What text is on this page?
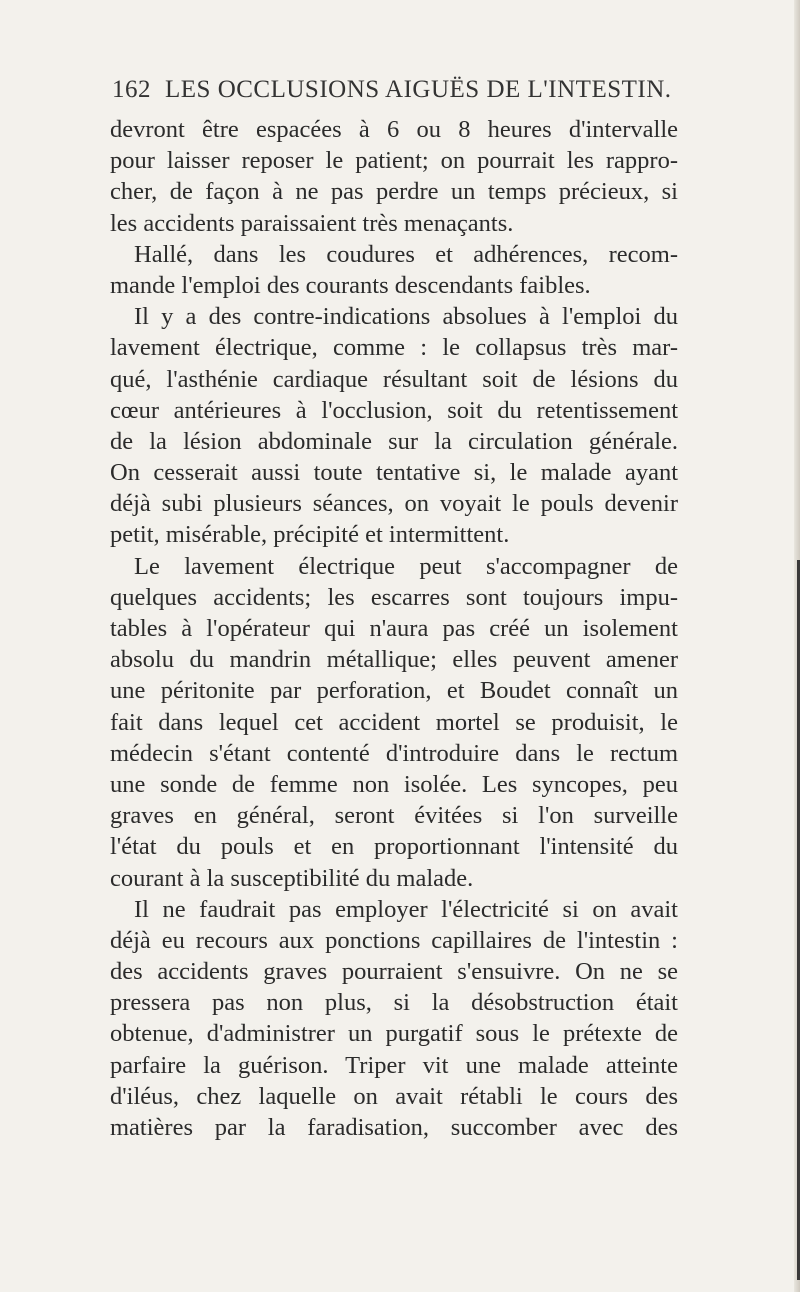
162 LES OCCLUSIONS AIGUËS DE L'INTESTIN.
devront être espacées à 6 ou 8 heures d'intervalle
pour laisser reposer le patient; on pourrait les rappro-
cher, de façon à ne pas perdre un temps précieux, si
les accidents paraissaient très menaçants.
Hallé, dans les coudures et adhérences, recom-
mande l'emploi des courants descendants faibles.
Il y a des contre-indications absolues à l'emploi du
lavement électrique, comme : le collapsus très mar-
qué, l'asthénie cardiaque résultant soit de lésions du
cœur antérieures à l'occlusion, soit du retentissement
de la lésion abdominale sur la circulation générale.
On cesserait aussi toute tentative si, le malade ayant
déjà subi plusieurs séances, on voyait le pouls devenir
petit, misérable, précipité et intermittent.
Le lavement électrique peut s'accompagner de
quelques accidents; les escarres sont toujours impu-
tables à l'opérateur qui n'aura pas créé un isolement
absolu du mandrin métallique; elles peuvent amener
une péritonite par perforation, et Boudet connaît un
fait dans lequel cet accident mortel se produisit, le
médecin s'étant contenté d'introduire dans le rectum
une sonde de femme non isolée. Les syncopes, peu
graves en général, seront évitées si l'on surveille
l'état du pouls et en proportionnant l'intensité du
courant à la susceptibilité du malade.
Il ne faudrait pas employer l'électricité si on avait
déjà eu recours aux ponctions capillaires de l'intestin :
des accidents graves pourraient s'ensuivre. On ne se
pressera pas non plus, si la désobstruction était
obtenue, d'administrer un purgatif sous le prétexte de
parfaire la guérison. Triper vit une malade atteinte
d'iléus, chez laquelle on avait rétabli le cours des
matières par la faradisation, succomber avec des
